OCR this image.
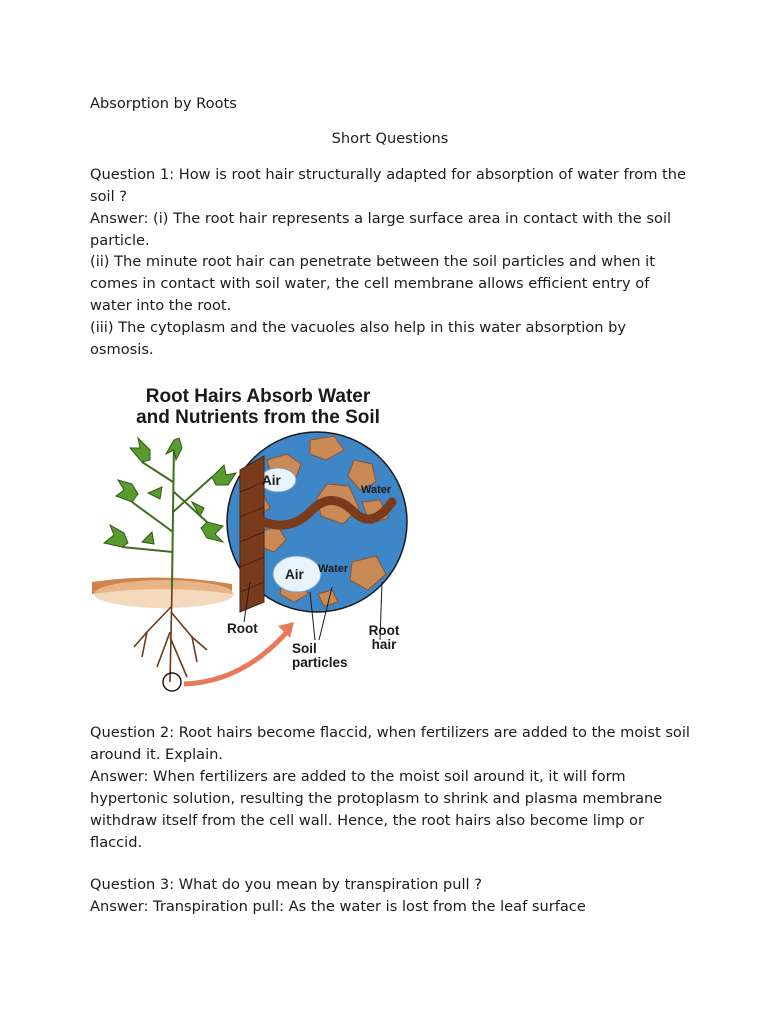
Absorption by Roots

Short Questions

Question 1: How is root hair structurally adapted for absorption of water from the soil ?

Answer: (i) The root hair represents a large surface area in contact with the soil particle.

(ii) The minute root hair can penetrate between the soil particles and when it comes in contact with soil water, the cell membrane allows efficient entry of water into the root.

(iii) The cytoplasm and the vacuoles also help in this water absorption by osmosis.

Root Hairs Absorb Water
and Nutrients from the Soil
Air
Air
Water
Water
Root	Root hair
Soil particles

Question 2: Root hairs become flaccid, when fertilizers are added to the moist soil around it. Explain.

Answer: When fertilizers are added to the moist soil around it, it will form hypertonic solution, resulting the protoplasm to shrink and plasma membrane withdraw itself from the cell wall. Hence, the root hairs also become limp or flaccid.

Question 3: What do you mean by transpiration pull ?

Answer: Transpiration pull: As the water is lost from the leaf surface
